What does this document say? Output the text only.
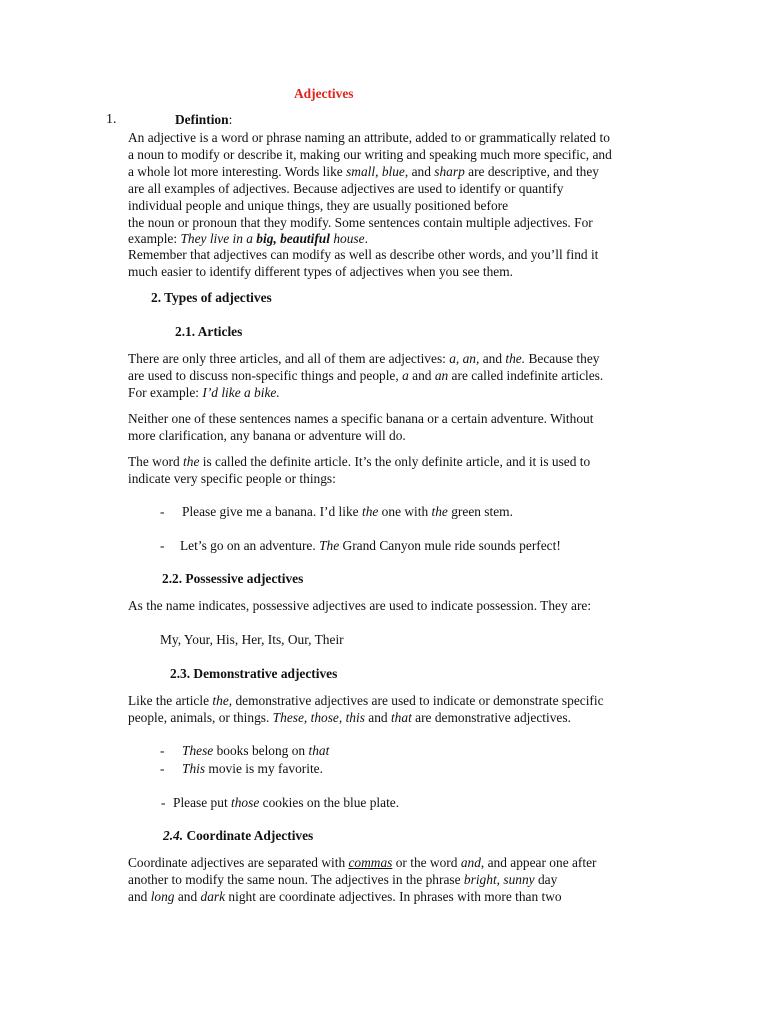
Adjectives
1.	Defintion:
An adjective is a word or phrase naming an attribute, added to or grammatically related to
a noun to modify or describe it, making our writing and speaking much more specific, and
a whole lot more interesting. Words like small, blue, and sharp are descriptive, and they
are all examples of adjectives. Because adjectives are used to identify or quantify
individual people and unique things, they are usually positioned before
the noun or pronoun that they modify. Some sentences contain multiple adjectives. For
example: They live in a big, beautiful house.
Remember that adjectives can modify as well as describe other words, and you’ll find it
much easier to identify different types of adjectives when you see them.
2. Types of adjectives
2.1. Articles
There are only three articles, and all of them are adjectives: a, an, and the. Because they
are used to discuss non-specific things and people, a and an are called indefinite articles.
For example: I’d like a bike.
Neither one of these sentences names a specific banana or a certain adventure. Without
more clarification, any banana or adventure will do.
The word the is called the definite article. It’s the only definite article, and it is used to
indicate very specific people or things:
- Please give me a banana. I’d like the one with the green stem.
- Let’s go on an adventure. The Grand Canyon mule ride sounds perfect!
2.2. Possessive adjectives
As the name indicates, possessive adjectives are used to indicate possession. They are:
My, Your, His, Her, Its, Our, Their
2.3. Demonstrative adjectives
Like the article the, demonstrative adjectives are used to indicate or demonstrate specific
people, animals, or things. These, those, this and that are demonstrative adjectives.
- These books belong on that
- This movie is my favorite.
- Please put those cookies on the blue plate.
2.4. Coordinate Adjectives
Coordinate adjectives are separated with commas or the word and, and appear one after
another to modify the same noun. The adjectives in the phrase bright, sunny day
and long and dark night are coordinate adjectives. In phrases with more than two
